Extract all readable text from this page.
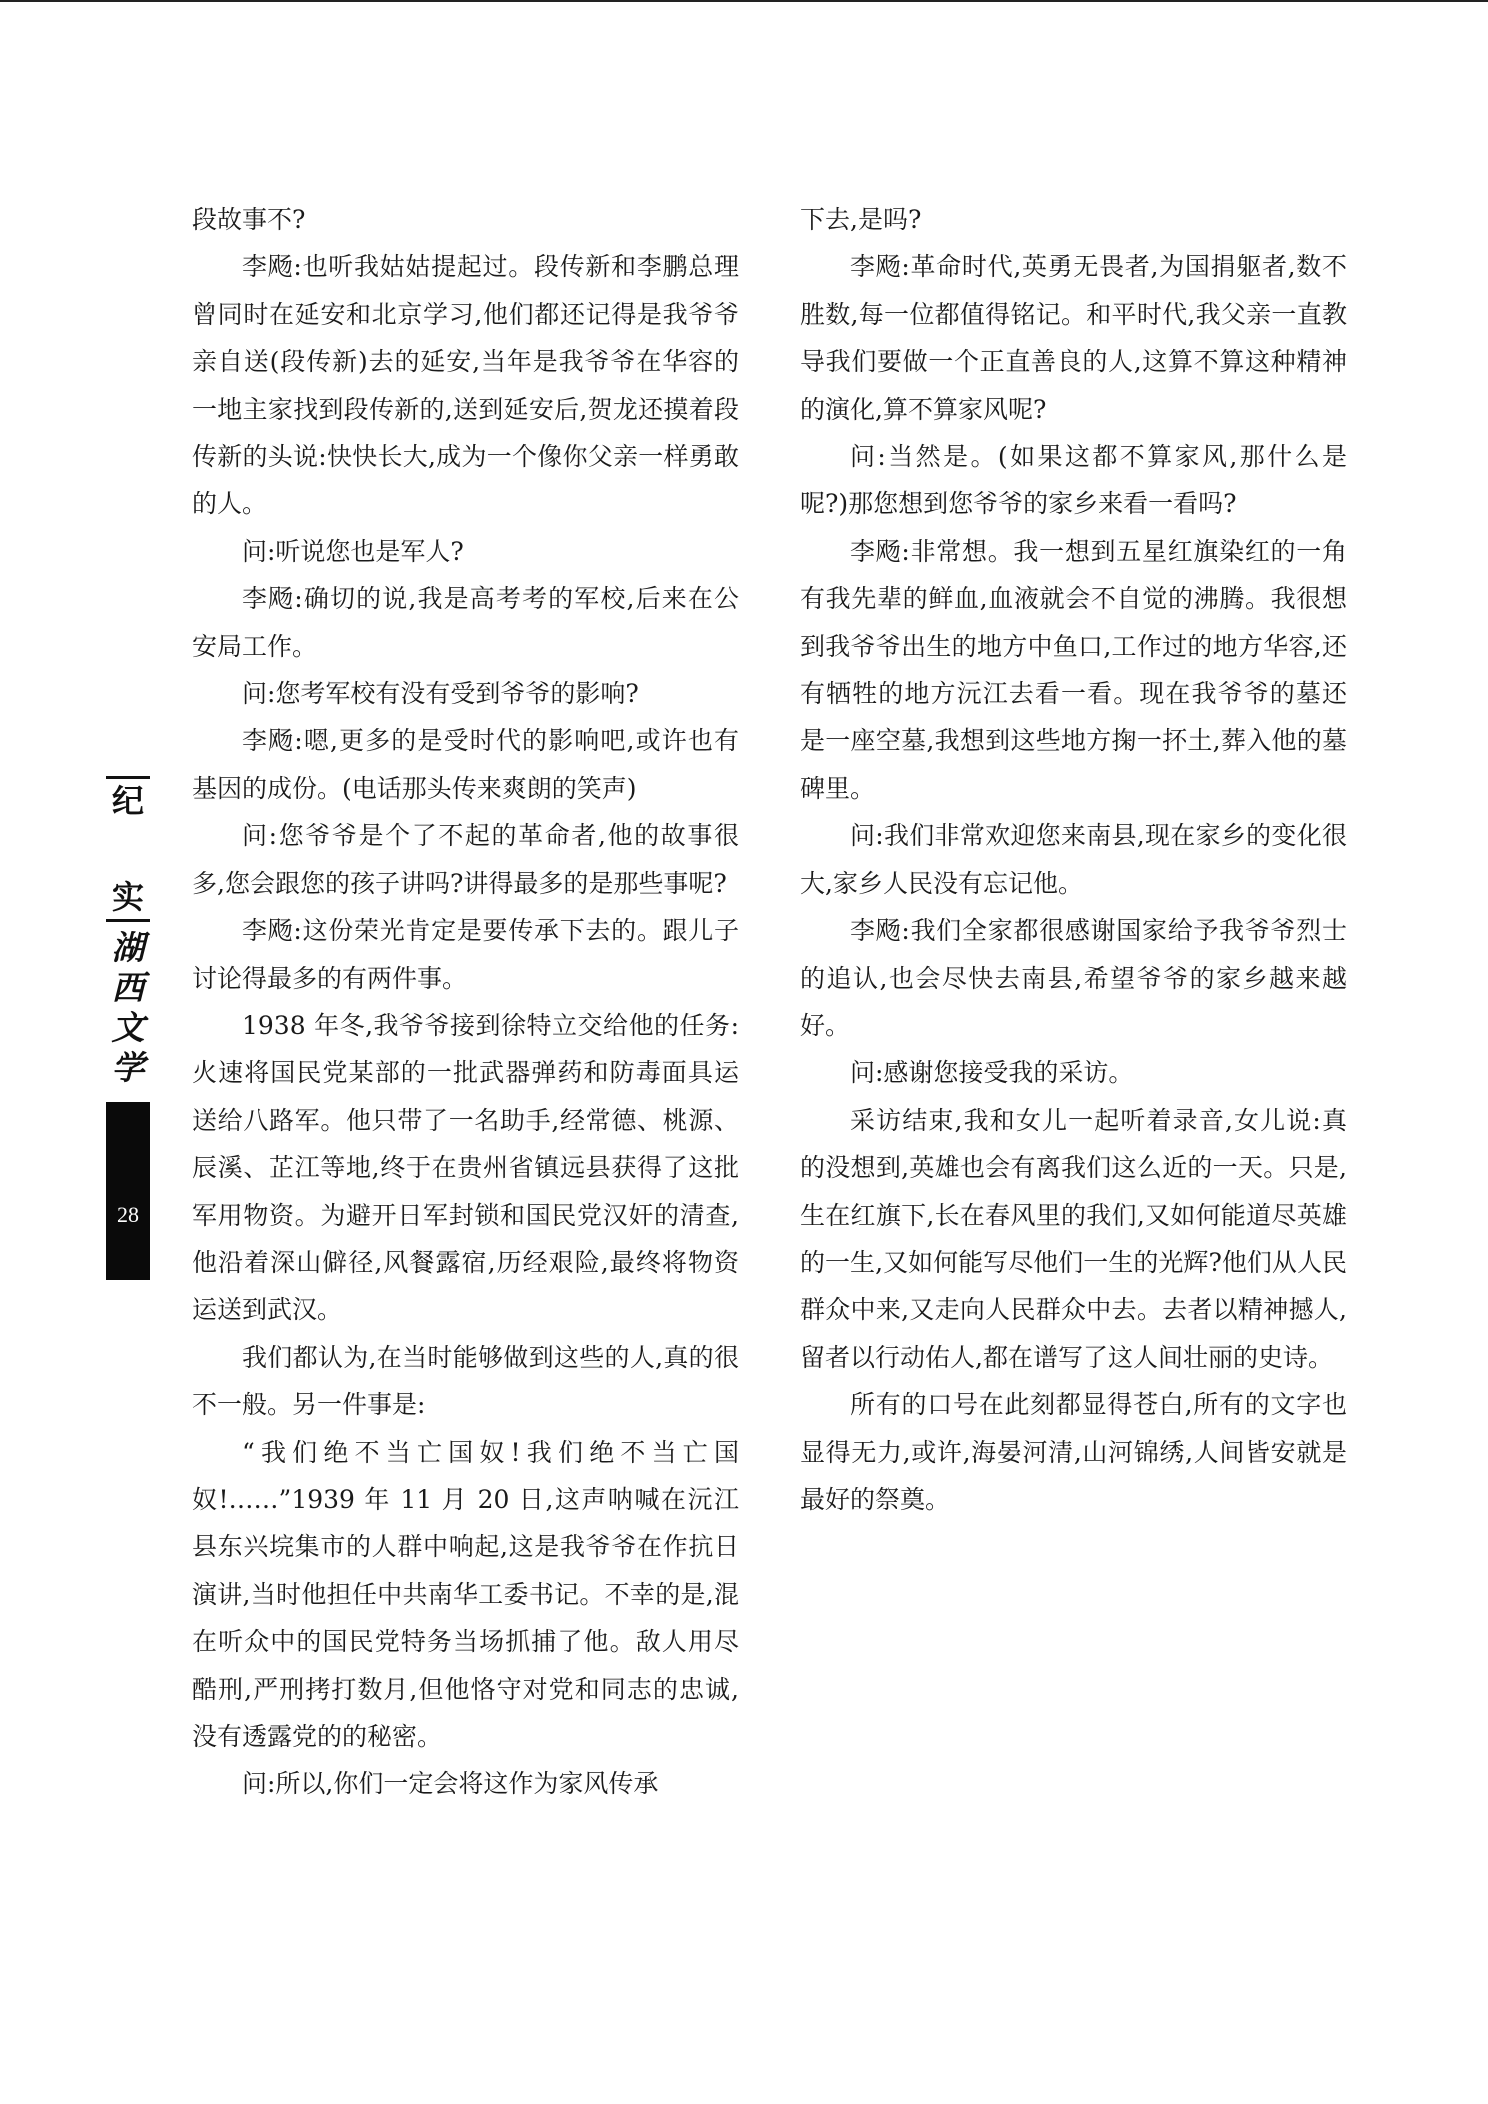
纪
实
湖
西
文
学
28

段故事不?

李飏:也听我姑姑提起过。段传新和李鹏总理曾同时在延安和北京学习,他们都还记得是我爷爷亲自送(段传新)去的延安,当年是我爷爷在华容的一地主家找到段传新的,送到延安后,贺龙还摸着段传新的头说:快快长大,成为一个像你父亲一样勇敢的人。

问:听说您也是军人?

李飏:确切的说,我是高考考的军校,后来在公安局工作。

问:您考军校有没有受到爷爷的影响?

李飏:嗯,更多的是受时代的影响吧,或许也有基因的成份。(电话那头传来爽朗的笑声)

问:您爷爷是个了不起的革命者,他的故事很多,您会跟您的孩子讲吗?讲得最多的是那些事呢?

李飏:这份荣光肯定是要传承下去的。跟儿子讨论得最多的有两件事。

1938 年冬,我爷爷接到徐特立交给他的任务:火速将国民党某部的一批武器弹药和防毒面具运送给八路军。他只带了一名助手,经常德、桃源、辰溪、芷江等地,终于在贵州省镇远县获得了这批军用物资。为避开日军封锁和国民党汉奸的清查,他沿着深山僻径,风餐露宿,历经艰险,最终将物资运送到武汉。

我们都认为,在当时能够做到这些的人,真的很不一般。另一件事是:

“我们绝不当亡国奴!我们绝不当亡国奴!……”1939 年 11 月 20 日,这声呐喊在沅江县东兴垸集市的人群中响起,这是我爷爷在作抗日演讲,当时他担任中共南华工委书记。不幸的是,混在听众中的国民党特务当场抓捕了他。敌人用尽酷刑,严刑拷打数月,但他恪守对党和同志的忠诚,没有透露党的的秘密。

问:所以,你们一定会将这作为家风传承

下去,是吗?

李飏:革命时代,英勇无畏者,为国捐躯者,数不胜数,每一位都值得铭记。和平时代,我父亲一直教导我们要做一个正直善良的人,这算不算这种精神的演化,算不算家风呢?

问:当然是。(如果这都不算家风,那什么是呢?)那您想到您爷爷的家乡来看一看吗?

李飏:非常想。我一想到五星红旗染红的一角有我先辈的鲜血,血液就会不自觉的沸腾。我很想到我爷爷出生的地方中鱼口,工作过的地方华容,还有牺牲的地方沅江去看一看。现在我爷爷的墓还是一座空墓,我想到这些地方掬一抔土,葬入他的墓碑里。

问:我们非常欢迎您来南县,现在家乡的变化很大,家乡人民没有忘记他。

李飏:我们全家都很感谢国家给予我爷爷烈士的追认,也会尽快去南县,希望爷爷的家乡越来越好。

问:感谢您接受我的采访。

采访结束,我和女儿一起听着录音,女儿说:真的没想到,英雄也会有离我们这么近的一天。只是,生在红旗下,长在春风里的我们,又如何能道尽英雄的一生,又如何能写尽他们一生的光辉?他们从人民群众中来,又走向人民群众中去。去者以精神撼人,留者以行动佑人,都在谱写了这人间壮丽的史诗。

所有的口号在此刻都显得苍白,所有的文字也显得无力,或许,海晏河清,山河锦绣,人间皆安就是最好的祭奠。
